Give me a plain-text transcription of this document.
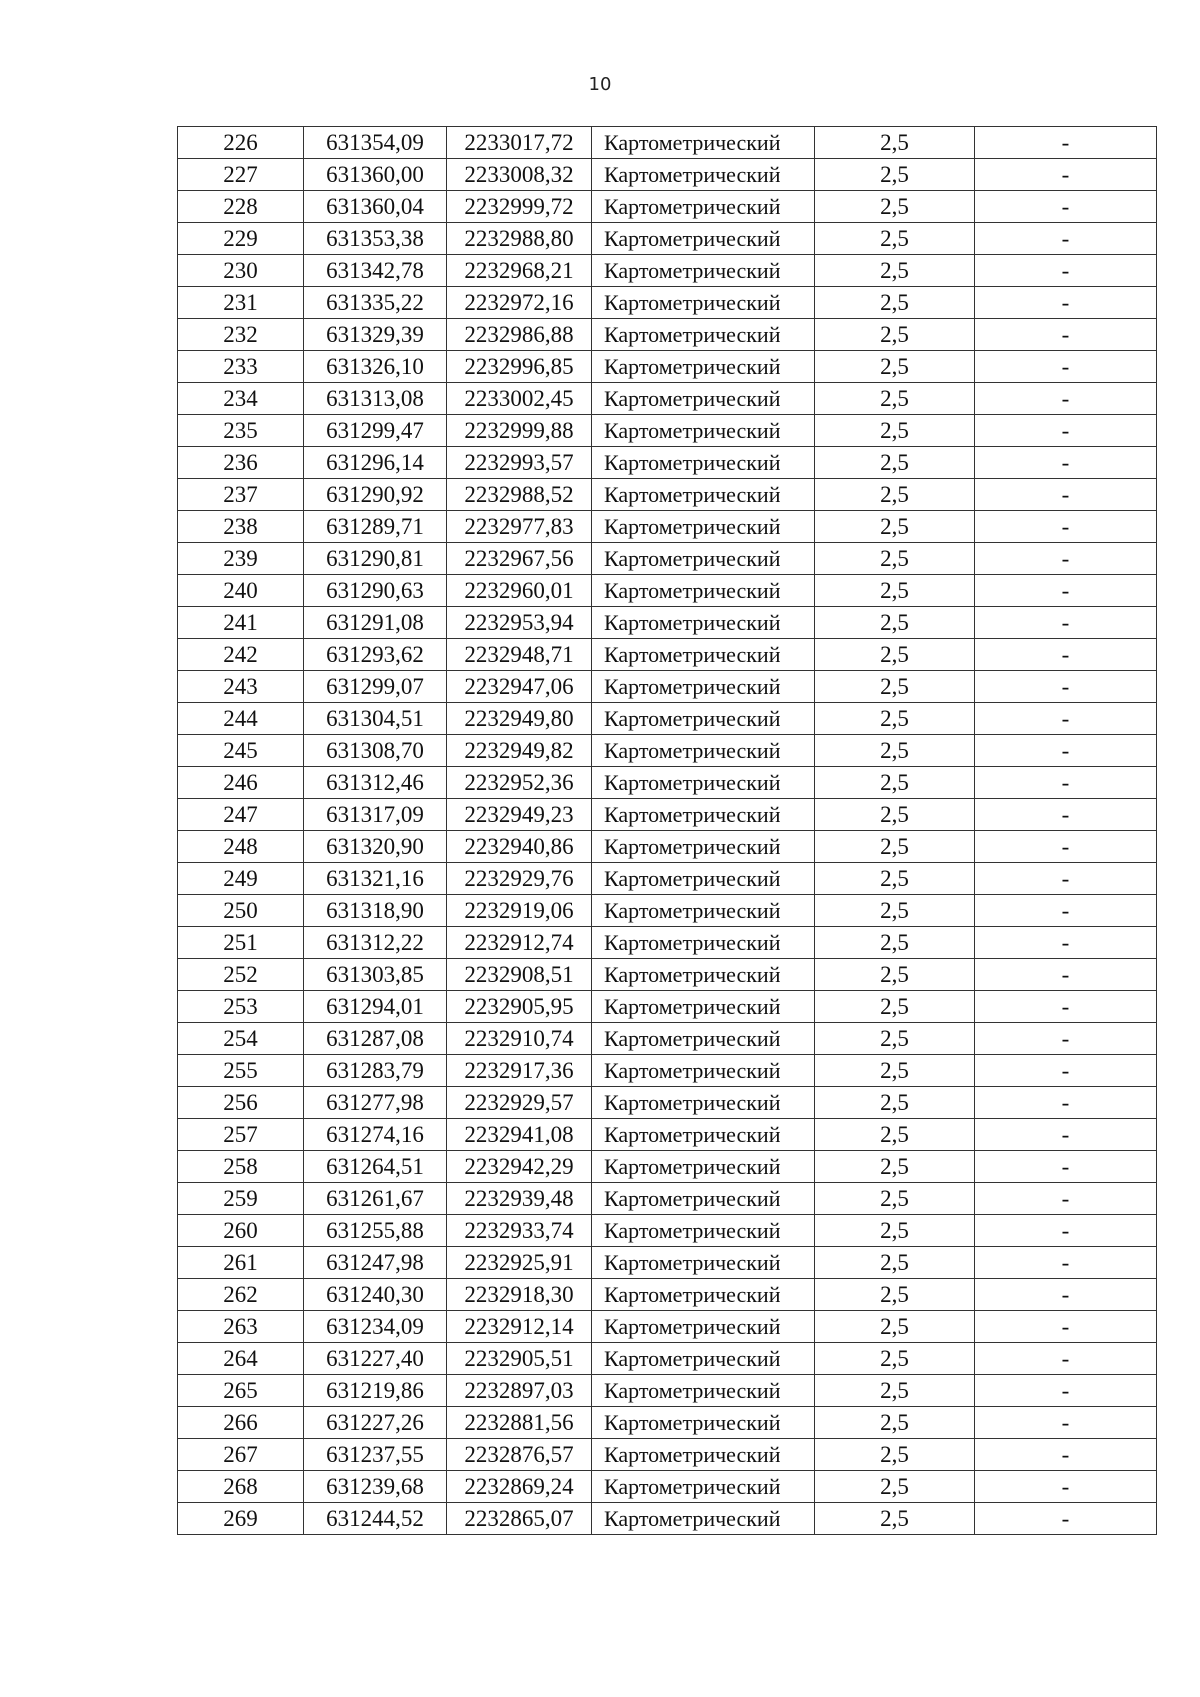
10
226	631354,09	2233017,72	Картометрический	2,5	-
227	631360,00	2233008,32	Картометрический	2,5	-
228	631360,04	2232999,72	Картометрический	2,5	-
229	631353,38	2232988,80	Картометрический	2,5	-
230	631342,78	2232968,21	Картометрический	2,5	-
231	631335,22	2232972,16	Картометрический	2,5	-
232	631329,39	2232986,88	Картометрический	2,5	-
233	631326,10	2232996,85	Картометрический	2,5	-
234	631313,08	2233002,45	Картометрический	2,5	-
235	631299,47	2232999,88	Картометрический	2,5	-
236	631296,14	2232993,57	Картометрический	2,5	-
237	631290,92	2232988,52	Картометрический	2,5	-
238	631289,71	2232977,83	Картометрический	2,5	-
239	631290,81	2232967,56	Картометрический	2,5	-
240	631290,63	2232960,01	Картометрический	2,5	-
241	631291,08	2232953,94	Картометрический	2,5	-
242	631293,62	2232948,71	Картометрический	2,5	-
243	631299,07	2232947,06	Картометрический	2,5	-
244	631304,51	2232949,80	Картометрический	2,5	-
245	631308,70	2232949,82	Картометрический	2,5	-
246	631312,46	2232952,36	Картометрический	2,5	-
247	631317,09	2232949,23	Картометрический	2,5	-
248	631320,90	2232940,86	Картометрический	2,5	-
249	631321,16	2232929,76	Картометрический	2,5	-
250	631318,90	2232919,06	Картометрический	2,5	-
251	631312,22	2232912,74	Картометрический	2,5	-
252	631303,85	2232908,51	Картометрический	2,5	-
253	631294,01	2232905,95	Картометрический	2,5	-
254	631287,08	2232910,74	Картометрический	2,5	-
255	631283,79	2232917,36	Картометрический	2,5	-
256	631277,98	2232929,57	Картометрический	2,5	-
257	631274,16	2232941,08	Картометрический	2,5	-
258	631264,51	2232942,29	Картометрический	2,5	-
259	631261,67	2232939,48	Картометрический	2,5	-
260	631255,88	2232933,74	Картометрический	2,5	-
261	631247,98	2232925,91	Картометрический	2,5	-
262	631240,30	2232918,30	Картометрический	2,5	-
263	631234,09	2232912,14	Картометрический	2,5	-
264	631227,40	2232905,51	Картометрический	2,5	-
265	631219,86	2232897,03	Картометрический	2,5	-
266	631227,26	2232881,56	Картометрический	2,5	-
267	631237,55	2232876,57	Картометрический	2,5	-
268	631239,68	2232869,24	Картометрический	2,5	-
269	631244,52	2232865,07	Картометрический	2,5	-
